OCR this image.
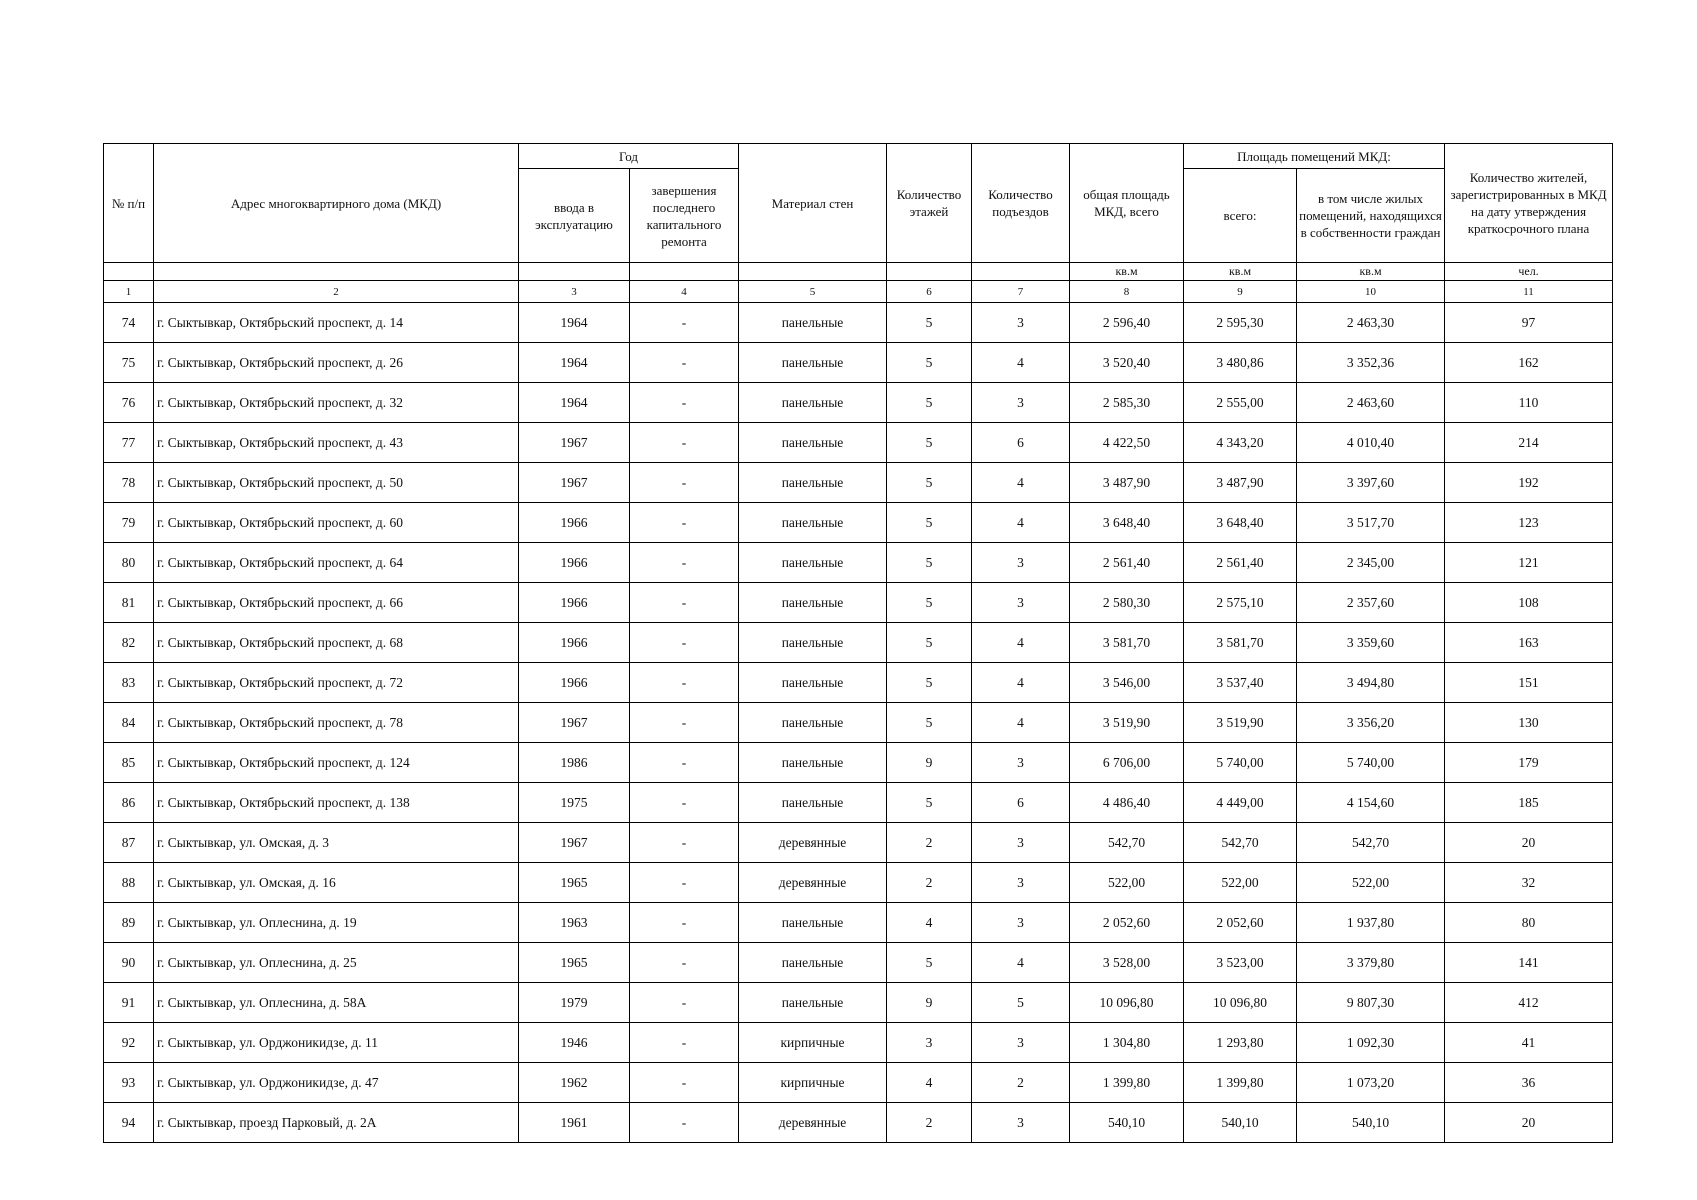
№ п/п	Адрес многоквартирного дома (МКД)	Год		Материал стен	Количество этажей	Количество подъездов	общая площадь МКД, всего	Площадь помещений МКД:		Количество жителей, зарегистрированных в МКД на дату утверждения краткосрочного плана
		ввода в эксплуатацию	завершения последнего капитального ремонта					всего:	в том числе жилых помещений, находящихся в собственности граждан	
							кв.м	кв.м	кв.м	чел.
1	2	3	4	5	6	7	8	9	10	11
74	г. Сыктывкар, Октябрьский проспект, д. 14	1964	-	панельные	5	3	2 596,40	2 595,30	2 463,30	97
75	г. Сыктывкар, Октябрьский проспект, д. 26	1964	-	панельные	5	4	3 520,40	3 480,86	3 352,36	162
76	г. Сыктывкар, Октябрьский проспект, д. 32	1964	-	панельные	5	3	2 585,30	2 555,00	2 463,60	110
77	г. Сыктывкар, Октябрьский проспект, д. 43	1967	-	панельные	5	6	4 422,50	4 343,20	4 010,40	214
78	г. Сыктывкар, Октябрьский проспект, д. 50	1967	-	панельные	5	4	3 487,90	3 487,90	3 397,60	192
79	г. Сыктывкар, Октябрьский проспект, д. 60	1966	-	панельные	5	4	3 648,40	3 648,40	3 517,70	123
80	г. Сыктывкар, Октябрьский проспект, д. 64	1966	-	панельные	5	3	2 561,40	2 561,40	2 345,00	121
81	г. Сыктывкар, Октябрьский проспект, д. 66	1966	-	панельные	5	3	2 580,30	2 575,10	2 357,60	108
82	г. Сыктывкар, Октябрьский проспект, д. 68	1966	-	панельные	5	4	3 581,70	3 581,70	3 359,60	163
83	г. Сыктывкар, Октябрьский проспект, д. 72	1966	-	панельные	5	4	3 546,00	3 537,40	3 494,80	151
84	г. Сыктывкар, Октябрьский проспект, д. 78	1967	-	панельные	5	4	3 519,90	3 519,90	3 356,20	130
85	г. Сыктывкар, Октябрьский проспект, д. 124	1986	-	панельные	9	3	6 706,00	5 740,00	5 740,00	179
86	г. Сыктывкар, Октябрьский проспект, д. 138	1975	-	панельные	5	6	4 486,40	4 449,00	4 154,60	185
87	г. Сыктывкар, ул. Омская, д. 3	1967	-	деревянные	2	3	542,70	542,70	542,70	20
88	г. Сыктывкар, ул. Омская, д. 16	1965	-	деревянные	2	3	522,00	522,00	522,00	32
89	г. Сыктывкар, ул. Оплеснина, д. 19	1963	-	панельные	4	3	2 052,60	2 052,60	1 937,80	80
90	г. Сыктывкар, ул. Оплеснина, д. 25	1965	-	панельные	5	4	3 528,00	3 523,00	3 379,80	141
91	г. Сыктывкар, ул. Оплеснина, д. 58А	1979	-	панельные	9	5	10 096,80	10 096,80	9 807,30	412
92	г. Сыктывкар, ул. Орджоникидзе, д. 11	1946	-	кирпичные	3	3	1 304,80	1 293,80	1 092,30	41
93	г. Сыктывкар, ул. Орджоникидзе, д. 47	1962	-	кирпичные	4	2	1 399,80	1 399,80	1 073,20	36
94	г. Сыктывкар, проезд Парковый, д. 2А	1961	-	деревянные	2	3	540,10	540,10	540,10	20
